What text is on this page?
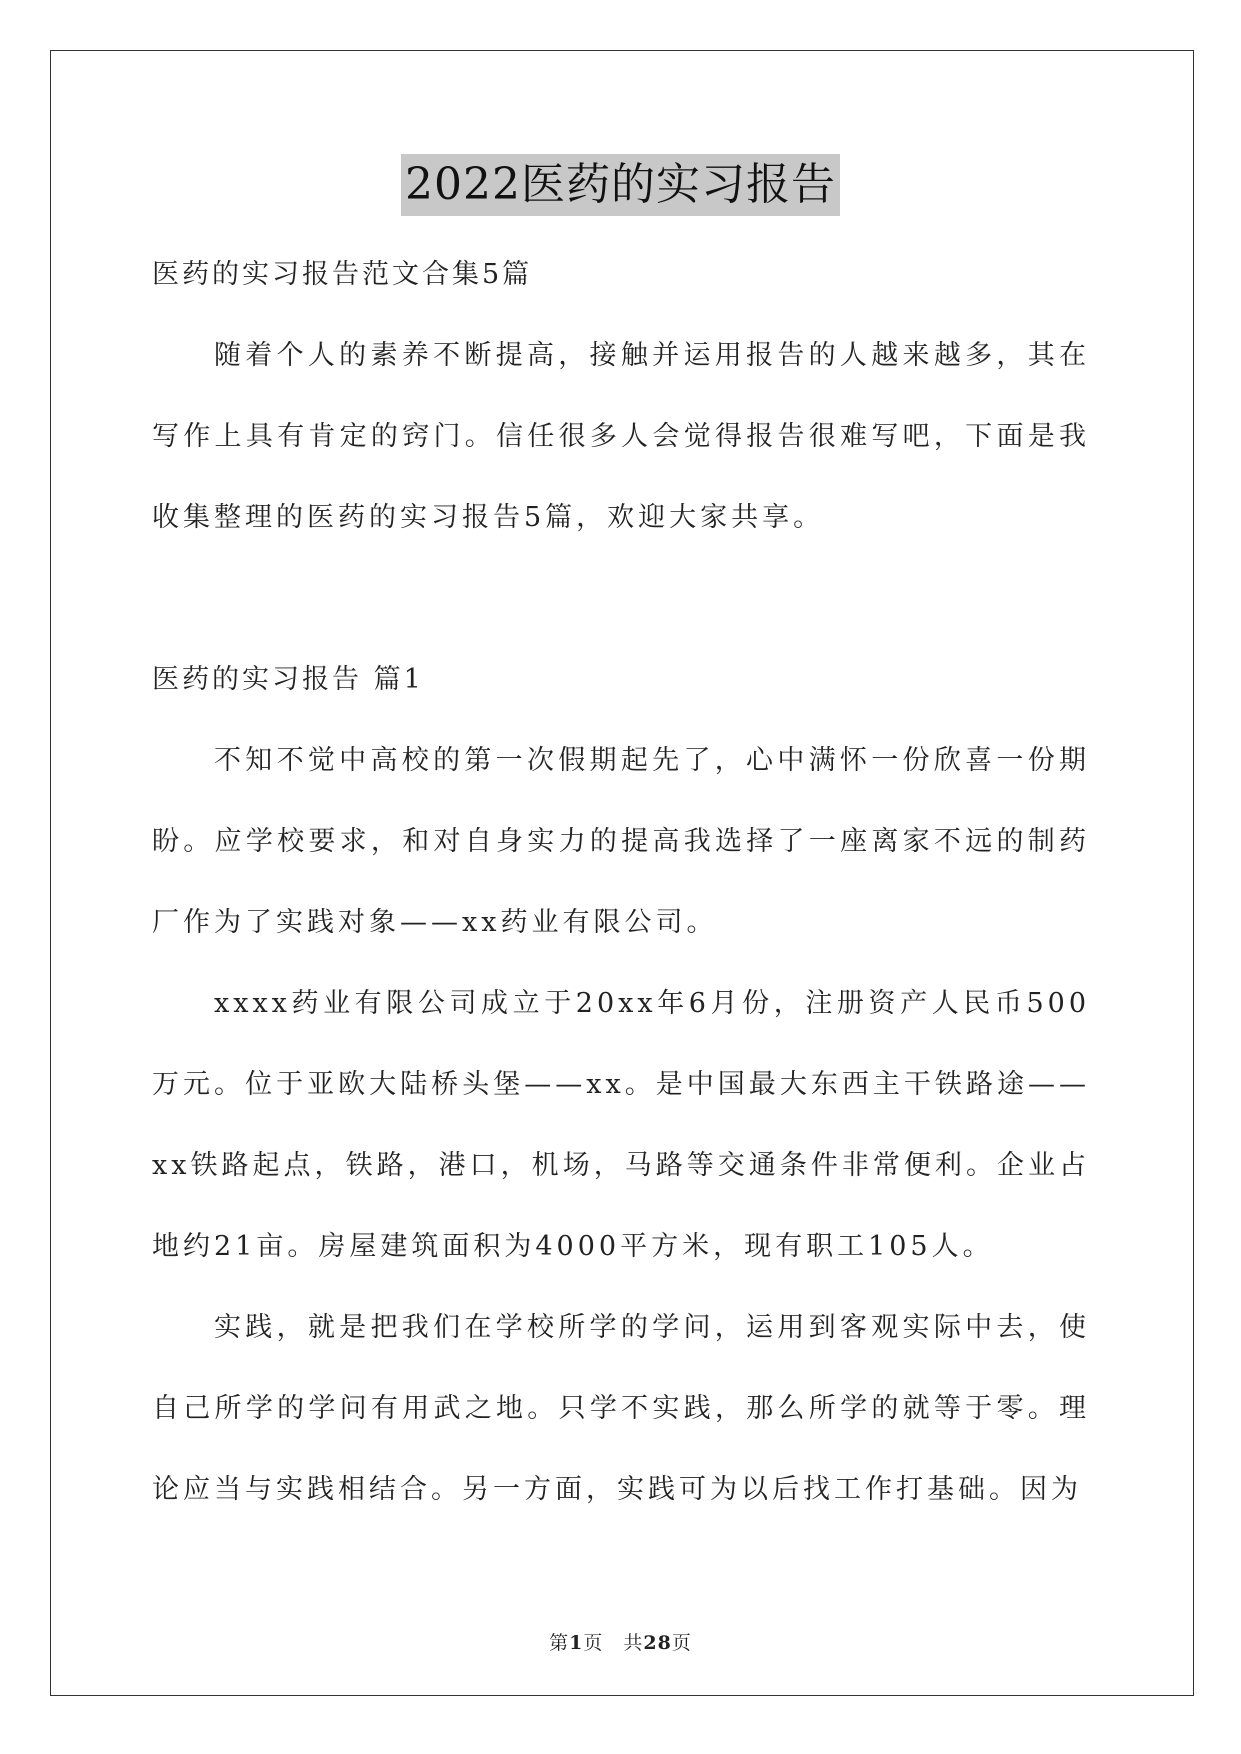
2022医药的实习报告

医药的实习报告范文合集5篇

随着个人的素养不断提高，接触并运用报告的人越来越多，其在写作上具有肯定的窍门。信任很多人会觉得报告很难写吧，下面是我收集整理的医药的实习报告5篇，欢迎大家共享。

医药的实习报告 篇1

不知不觉中高校的第一次假期起先了，心中满怀一份欣喜一份期盼。应学校要求，和对自身实力的提高我选择了一座离家不远的制药厂作为了实践对象——xx药业有限公司。

xxxx药业有限公司成立于20xx年6月份，注册资产人民币500万元。位于亚欧大陆桥头堡——xx。是中国最大东西主干铁路途——xx铁路起点，铁路，港口，机场，马路等交通条件非常便利。企业占地约21亩。房屋建筑面积为4000平方米，现有职工105人。

实践，就是把我们在学校所学的学问，运用到客观实际中去，使自己所学的学问有用武之地。只学不实践，那么所学的就等于零。理论应当与实践相结合。另一方面，实践可为以后找工作打基础。因为

第1页　共28页
